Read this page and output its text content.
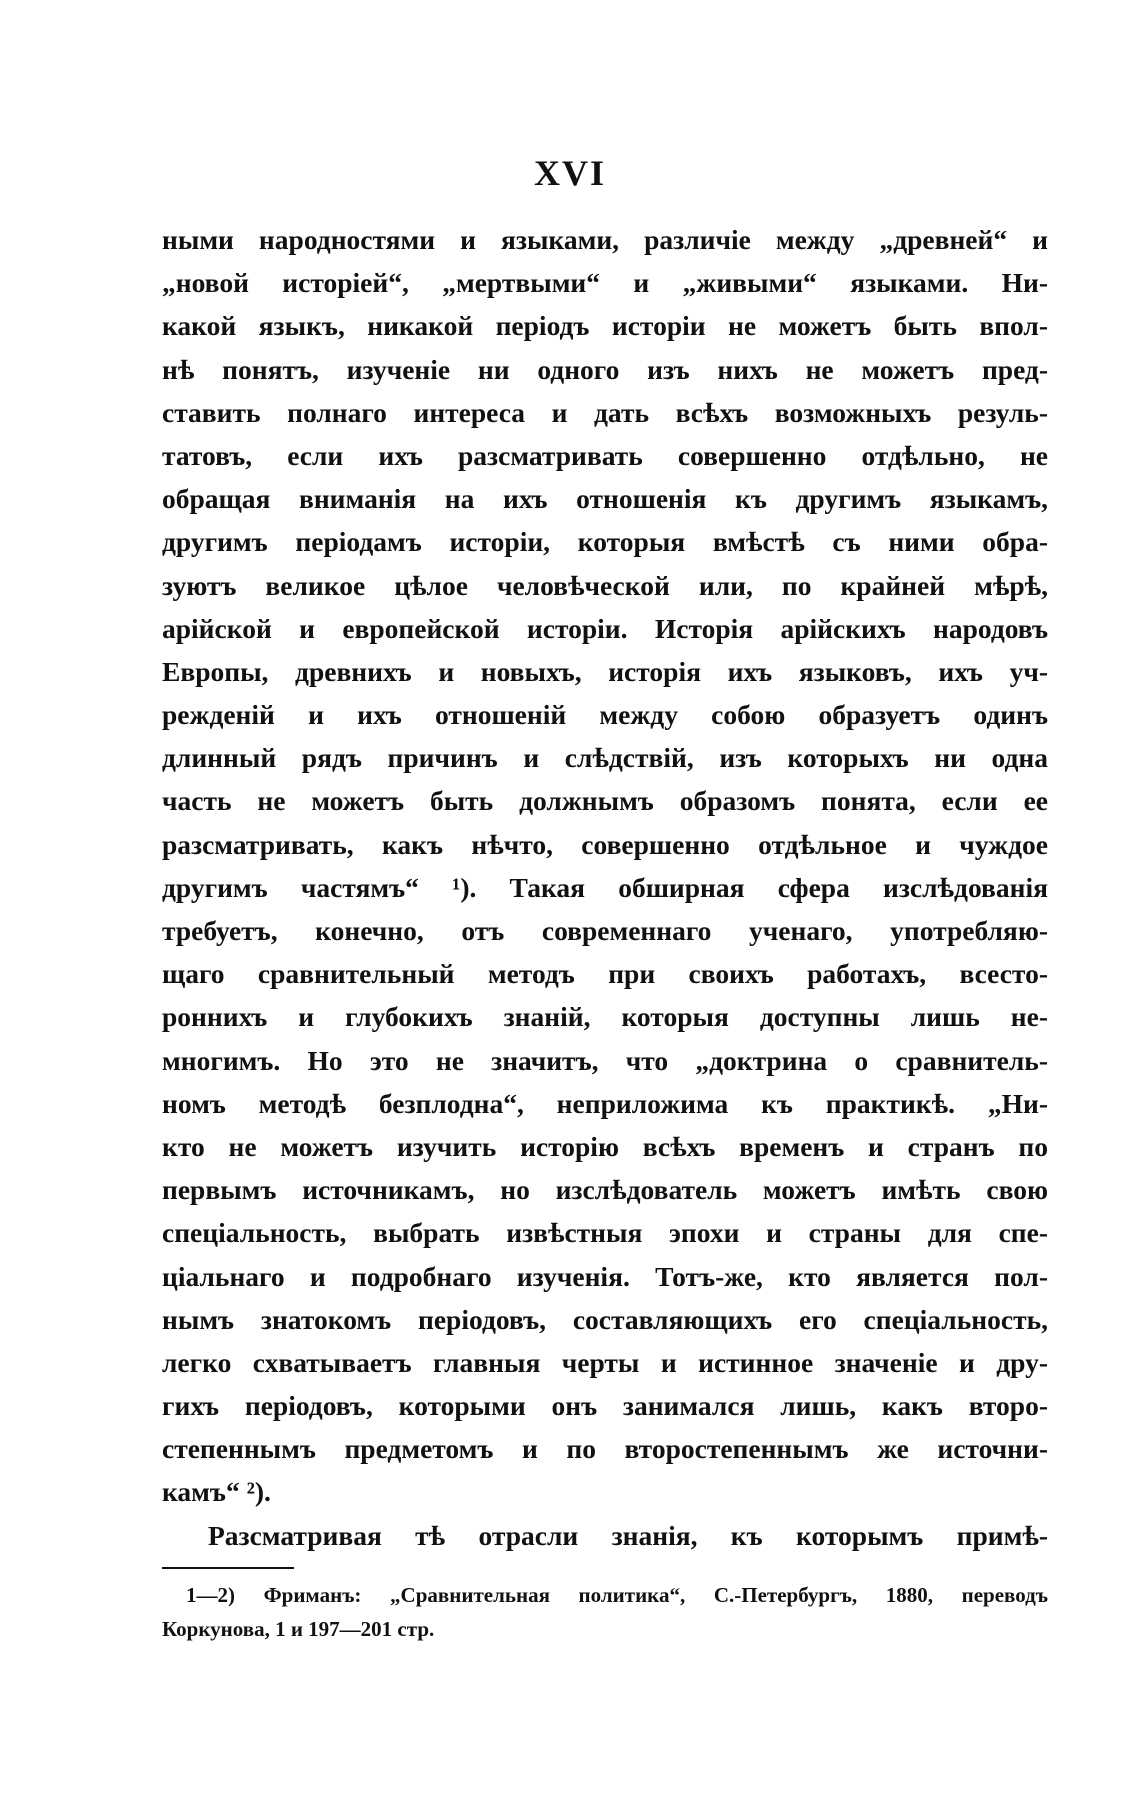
XVI
ными народностями и языками, различіе между „древней“ и
„новой исторіей“, „мертвыми“ и „живыми“ языками. Ни-
какой языкъ, никакой періодъ исторіи не можетъ быть впол-
нѣ понятъ, изученіе ни одного изъ нихъ не можетъ пред-
ставить полнаго интереса и дать всѣхъ возможныхъ резуль-
татовъ, если ихъ разсматривать совершенно отдѣльно, не
обращая вниманія на ихъ отношенія къ другимъ языкамъ,
другимъ періодамъ исторіи, которыя вмѣстѣ съ ними обра-
зуютъ великое цѣлое человѣческой или, по крайней мѣрѣ,
арійской и европейской исторіи. Исторія арійскихъ народовъ
Европы, древнихъ и новыхъ, исторія ихъ языковъ, ихъ уч-
режденій и ихъ отношеній между собою образуетъ одинъ
длинный рядъ причинъ и слѣдствій, изъ которыхъ ни одна
часть не можетъ быть должнымъ образомъ понята, если ее
разсматривать, какъ нѣчто, совершенно отдѣльное и чуждое
другимъ частямъ“ ¹). Такая обширная сфера изслѣдованія
требуетъ, конечно, отъ современнаго ученаго, употребляю-
щаго сравнительный методъ при своихъ работахъ, всесто-
роннихъ и глубокихъ знаній, которыя доступны лишь не-
многимъ. Но это не значитъ, что „доктрина о сравнитель-
номъ методѣ безплодна“, неприложима къ практикѣ. „Ни-
кто не можетъ изучить исторію всѣхъ временъ и странъ по
первымъ источникамъ, но изслѣдователь можетъ имѣть свою
спеціальность, выбрать извѣстныя эпохи и страны для спе-
ціальнаго и подробнаго изученія. Тотъ-же, кто является пол-
нымъ знатокомъ періодовъ, составляющихъ его спеціальность,
легко схватываетъ главныя черты и истинное значеніе и дру-
гихъ періодовъ, которыми онъ занимался лишь, какъ второ-
степеннымъ предметомъ и по второстепеннымъ же источни-
камъ“ ²).
Разсматривая тѣ отрасли знанія, къ которымъ примѣ-
1—2) Фриманъ: „Сравнительная политика“, С.-Петербургъ, 1880, переводъ
Коркунова, 1 и 197—201 стр.
